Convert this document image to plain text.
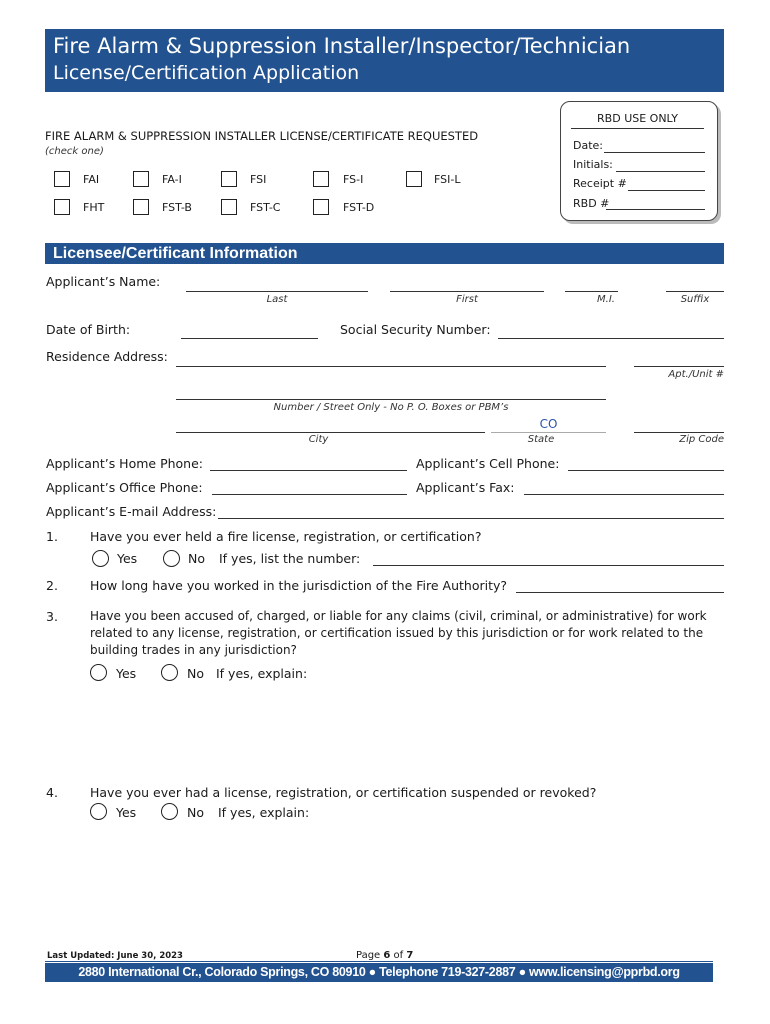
Fire Alarm & Suppression Installer/Inspector/Technician
License/Certification Application
FIRE ALARM & SUPPRESSION INSTALLER LICENSE/CERTIFICATE REQUESTED
(check one)
FAI	FA-I	FSI	FS-I	FSI-L
FHT	FST-B	FST-C	FST-D
RBD USE ONLY
Date:
Initials:
Receipt #
RBD #
Licensee/Certificant Information
Applicant’s Name:
Last	First	M.I.	Suffix
Date of Birth:	Social Security Number:
Residence Address:
Apt./Unit #
Number / Street Only - No P. O. Boxes or PBM’s
CO
City	State	Zip Code
Applicant’s Home Phone:	Applicant’s Cell Phone:
Applicant’s Office Phone:	Applicant’s Fax:
Applicant’s E-mail Address:
1.	Have you ever held a fire license, registration, or certification?
Yes	No If yes, list the number:
2.	How long have you worked in the jurisdiction of the Fire Authority?
3.	Have you been accused of, charged, or liable for any claims (civil, criminal, or administrative) for work related to any license, registration, or certification issued by this jurisdiction or for work related to the building trades in any jurisdiction?
Yes	No If yes, explain:
4.	Have you ever had a license, registration, or certification suspended or revoked?
Yes	No If yes, explain:
Last Updated: June 30, 2023	Page 6 of 7
2880 International Cr., Colorado Springs, CO 80910 ● Telephone 719-327-2887 ● www.licensing@pprbd.org
